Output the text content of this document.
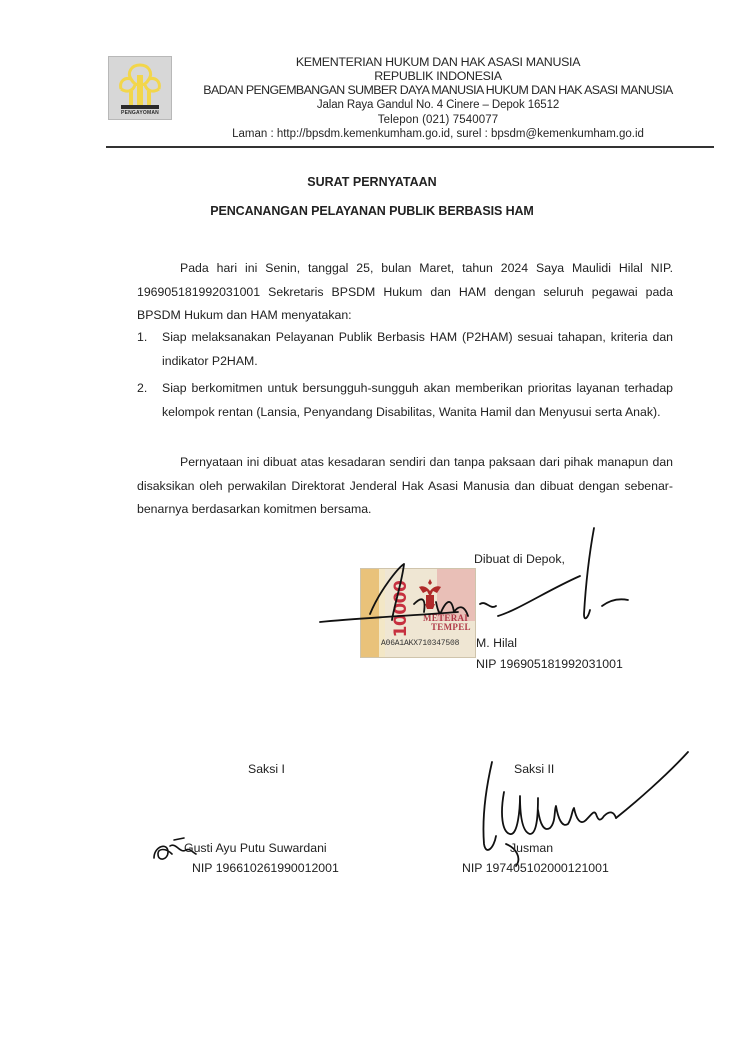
PENGAYOMAN
KEMENTERIAN HUKUM DAN HAK ASASI MANUSIA
REPUBLIK INDONESIA
BADAN PENGEMBANGAN SUMBER DAYA MANUSIA HUKUM DAN HAK ASASI MANUSIA
Jalan Raya Gandul No. 4 Cinere – Depok 16512
Telepon (021) 7540077
Laman : http://bpsdm.kemenkumham.go.id, surel : bpsdm@kemenkumham.go.id
SURAT PERNYATAAN
PENCANANGAN PELAYANAN PUBLIK BERBASIS HAM
Pada hari ini Senin, tanggal 25, bulan Maret, tahun 2024 Saya Maulidi Hilal NIP. 196905181992031001 Sekretaris BPSDM Hukum dan HAM dengan seluruh pegawai pada BPSDM Hukum dan HAM menyatakan:
1. Siap melaksanakan Pelayanan Publik Berbasis HAM (P2HAM) sesuai tahapan, kriteria dan indikator P2HAM.
2. Siap berkomitmen untuk bersungguh-sungguh akan memberikan prioritas layanan terhadap kelompok rentan (Lansia, Penyandang Disabilitas, Wanita Hamil dan Menyusui serta Anak).
Pernyataan ini dibuat atas kesadaran sendiri dan tanpa paksaan dari pihak manapun dan disaksikan oleh perwakilan Direktorat Jenderal Hak Asasi Manusia dan dibuat dengan sebenar-benarnya berdasarkan komitmen bersama.
Dibuat di Depok,
10000 METERAI
TEMPEL
A06A1AKX710347508 M. Hilal
NIP 196905181992031001
Saksi I	Saksi II
Gusti Ayu Putu Suwardani
NIP 196610261990012001
Jusman
NIP 197405102000121001
